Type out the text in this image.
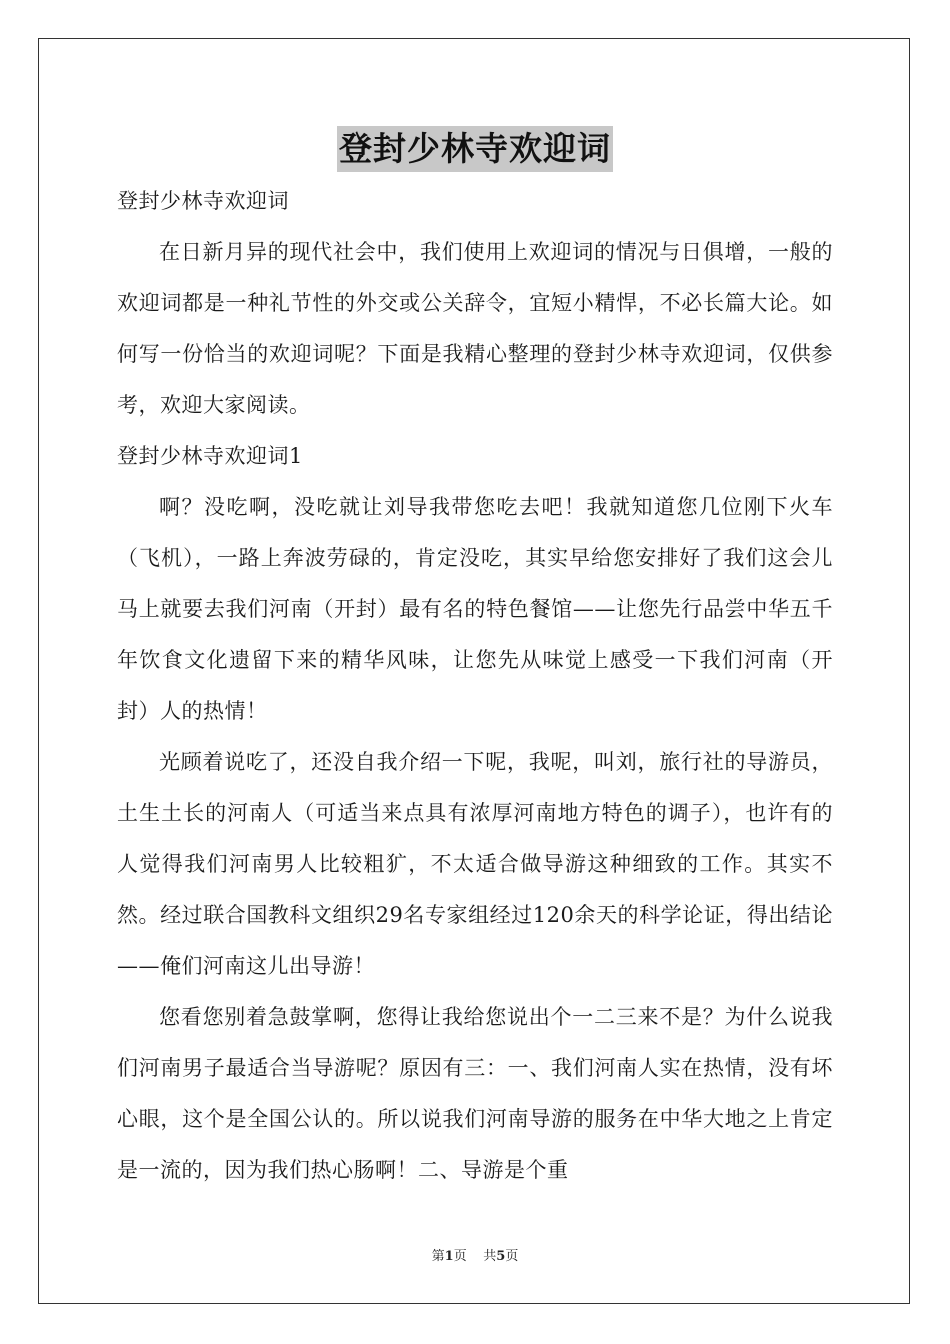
登封少林寺欢迎词

登封少林寺欢迎词

在日新月异的现代社会中，我们使用上欢迎词的情况与日俱增，一般的欢迎词都是一种礼节性的外交或公关辞令，宜短小精悍，不必长篇大论。如何写一份恰当的欢迎词呢？下面是我精心整理的登封少林寺欢迎词，仅供参考，欢迎大家阅读。

登封少林寺欢迎词1

啊？没吃啊，没吃就让刘导我带您吃去吧！我就知道您几位刚下火车（飞机），一路上奔波劳碌的，肯定没吃，其实早给您安排好了我们这会儿马上就要去我们河南（开封）最有名的特色餐馆——让您先行品尝中华五千年饮食文化遗留下来的精华风味，让您先从味觉上感受一下我们河南（开封）人的热情！

光顾着说吃了，还没自我介绍一下呢，我呢，叫刘，旅行社的导游员，土生土长的河南人（可适当来点具有浓厚河南地方特色的调子），也许有的人觉得我们河南男人比较粗犷，不太适合做导游这种细致的工作。其实不然。经过联合国教科文组织29名专家组经过120余天的科学论证，得出结论——俺们河南这儿出导游！

您看您别着急鼓掌啊，您得让我给您说出个一二三来不是？为什么说我们河南男子最适合当导游呢？原因有三：一、我们河南人实在热情，没有坏心眼，这个是全国公认的。所以说我们河南导游的服务在中华大地之上肯定是一流的，因为我们热心肠啊！二、导游是个重

第1页 共5页
